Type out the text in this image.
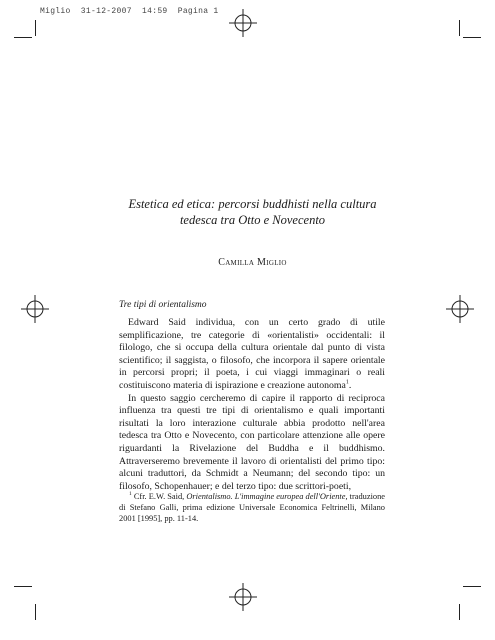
Miglio  31-12-2007  14:59  Pagina 1
Estetica ed etica: percorsi buddhisti nella cultura
tedesca tra Otto e Novecento
Camilla Miglio
Tre tipi di orientalismo

Edward Said individua, con un certo grado di utile semplificazione, tre categorie di «orientalisti» occidentali: il filologo, che si occupa della cultura orientale dal punto di vista scientifico; il saggista, o filosofo, che incorpora il sapere orientale in percorsi propri; il poeta, i cui viaggi immaginari o reali costituiscono materia di ispirazione e creazione autonoma$^1$.

In questo saggio cercheremo di capire il rapporto di reciproca influenza tra questi tre tipi di orientalismo e quali importanti risultati la loro interazione culturale abbia prodotto nell'area tedesca tra Otto e Novecento, con particolare attenzione alle opere riguardanti la Rivelazione del Buddha e il buddhismo. Attraverseremo brevemente il lavoro di orientalisti del primo tipo: alcuni traduttori, da Schmidt a Neumann; del secondo tipo: un filosofo, Schopenhauer; e del terzo tipo: due scrittori-poeti,

$^1$ Cfr. E.W. Said, Orientalismo. L'immagine europea dell'Oriente, traduzione di Stefano Galli, prima edizione Universale Economica Feltrinelli, Milano 2001 [1995], pp. 11-14.
